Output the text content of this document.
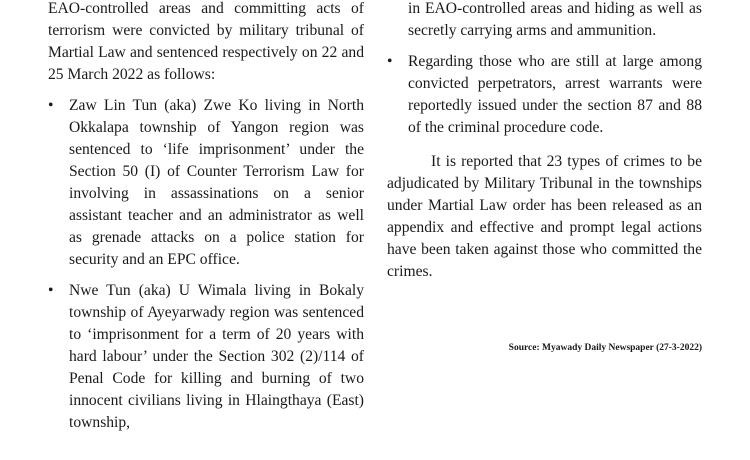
EAO-controlled areas and committing acts of terrorism were convicted by military tribunal of Martial Law and sentenced respectively on 22 and 25 March 2022 as follows:

• Zaw Lin Tun (aka) Zwe Ko living in North Okkalapa township of Yangon region was sentenced to ‘life imprisonment’ under the Section 50 (I) of Counter Terrorism Law for involving in assassinations on a senior assistant teacher and an administrator as well as grenade attacks on a police station for security and an EPC office.
• Nwe Tun (aka) U Wimala living in Bokaly township of Ayeyarwady region was sentenced to ‘imprisonment for a term of 20 years with hard labour’ under the Section 302 (2)/114 of Penal Code for killing and burning of two innocent civilians living in Hlaingthaya (East) township,

in EAO-controlled areas and hiding as well as secretly carrying arms and ammunition.

• Regarding those who are still at large among convicted perpetrators, arrest warrants were reportedly issued under the section 87 and 88 of the criminal procedure code.

It is reported that 23 types of crimes to be adjudicated by Military Tribunal in the townships under Martial Law order has been released as an appendix and effective and prompt legal actions have been taken against those who committed the crimes.

Source: Myawady Daily Newspaper (27-3-2022)
